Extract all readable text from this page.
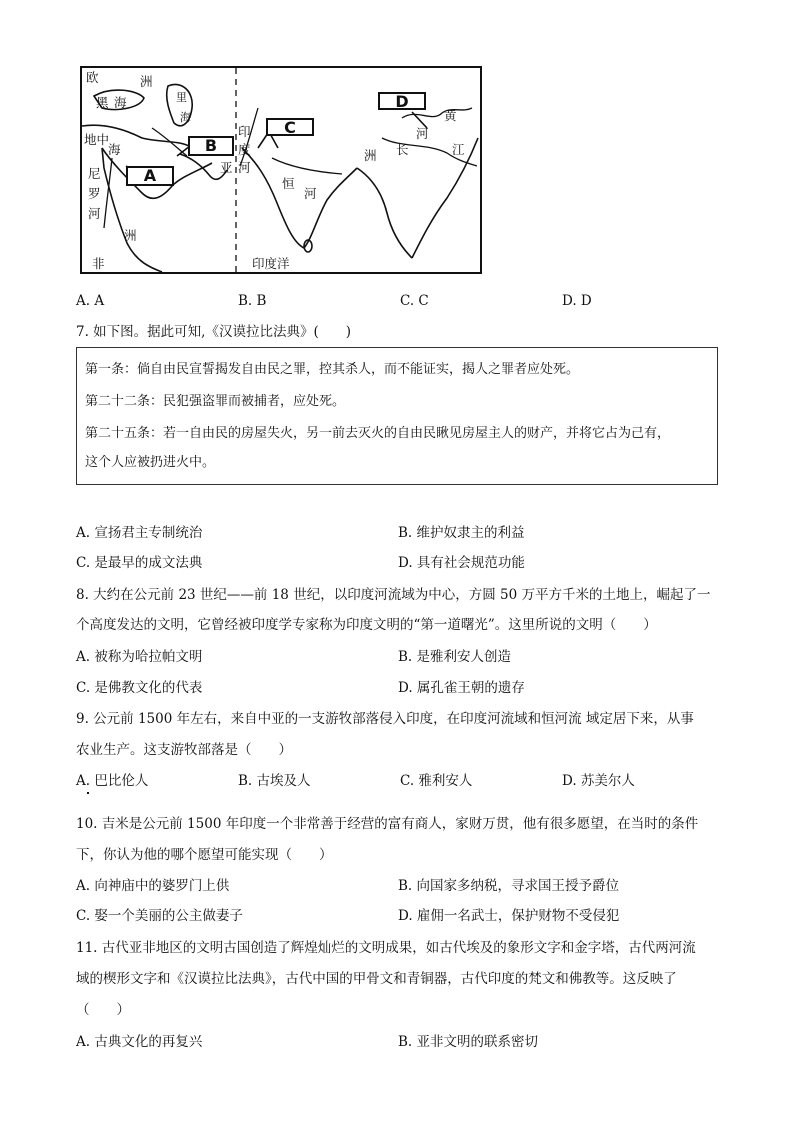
欧	洲
黑 海	里
海
地中
海
尼
罗
河
洲
非
印
度
河
亚
恒
河
印度洋
黄
河
长	江
洲
A
B
C
D
A. A	B. B	C. C	D. D
7. 如下图。据此可知,《汉谟拉比法典》(　　)
第一条：倘自由民宣誓揭发自由民之罪，控其杀人，而不能证实，揭人之罪者应处死。
第二十二条：民犯强盗罪而被捕者，应处死。
第二十五条：若一自由民的房屋失火，另一前去灭火的自由民瞅见房屋主人的财产，并将它占为己有，
这个人应被扔进火中。
A. 宣扬君主专制统治	B. 维护奴隶主的利益
C. 是最早的成文法典	D. 具有社会规范功能
8. 大约在公元前 23 世纪——前 18 世纪，以印度河流域为中心，方圆 50 万平方千米的土地上，崛起了一
个高度发达的文明，它曾经被印度学专家称为印度文明的“第一道曙光”。这里所说的文明（　　）
A. 被称为哈拉帕文明	B. 是雅利安人创造
C. 是佛教文化的代表	D. 属孔雀王朝的遗存
9. 公元前 1500 年左右，来自中亚的一支游牧部落侵入印度，在印度河流域和恒河流 域定居下来，从事
农业生产。这支游牧部落是（　　）
A. 巴比伦人	B. 古埃及人	C. 雅利安人	D. 苏美尔人
10. 吉米是公元前 1500 年印度一个非常善于经营的富有商人，家财万贯，他有很多愿望，在当时的条件
下，你认为他的哪个愿望可能实现（　　）
A. 向神庙中的婆罗门上供	B. 向国家多纳税，寻求国王授予爵位
C. 娶一个美丽的公主做妻子	D. 雇佣一名武士，保护财物不受侵犯
11. 古代亚非地区的文明古国创造了辉煌灿烂的文明成果，如古代埃及的象形文字和金字塔，古代两河流
域的楔形文字和《汉谟拉比法典》，古代中国的甲骨文和青铜器，古代印度的梵文和佛教等。这反映了
（　　）
A. 古典文化的再复兴	B. 亚非文明的联系密切
